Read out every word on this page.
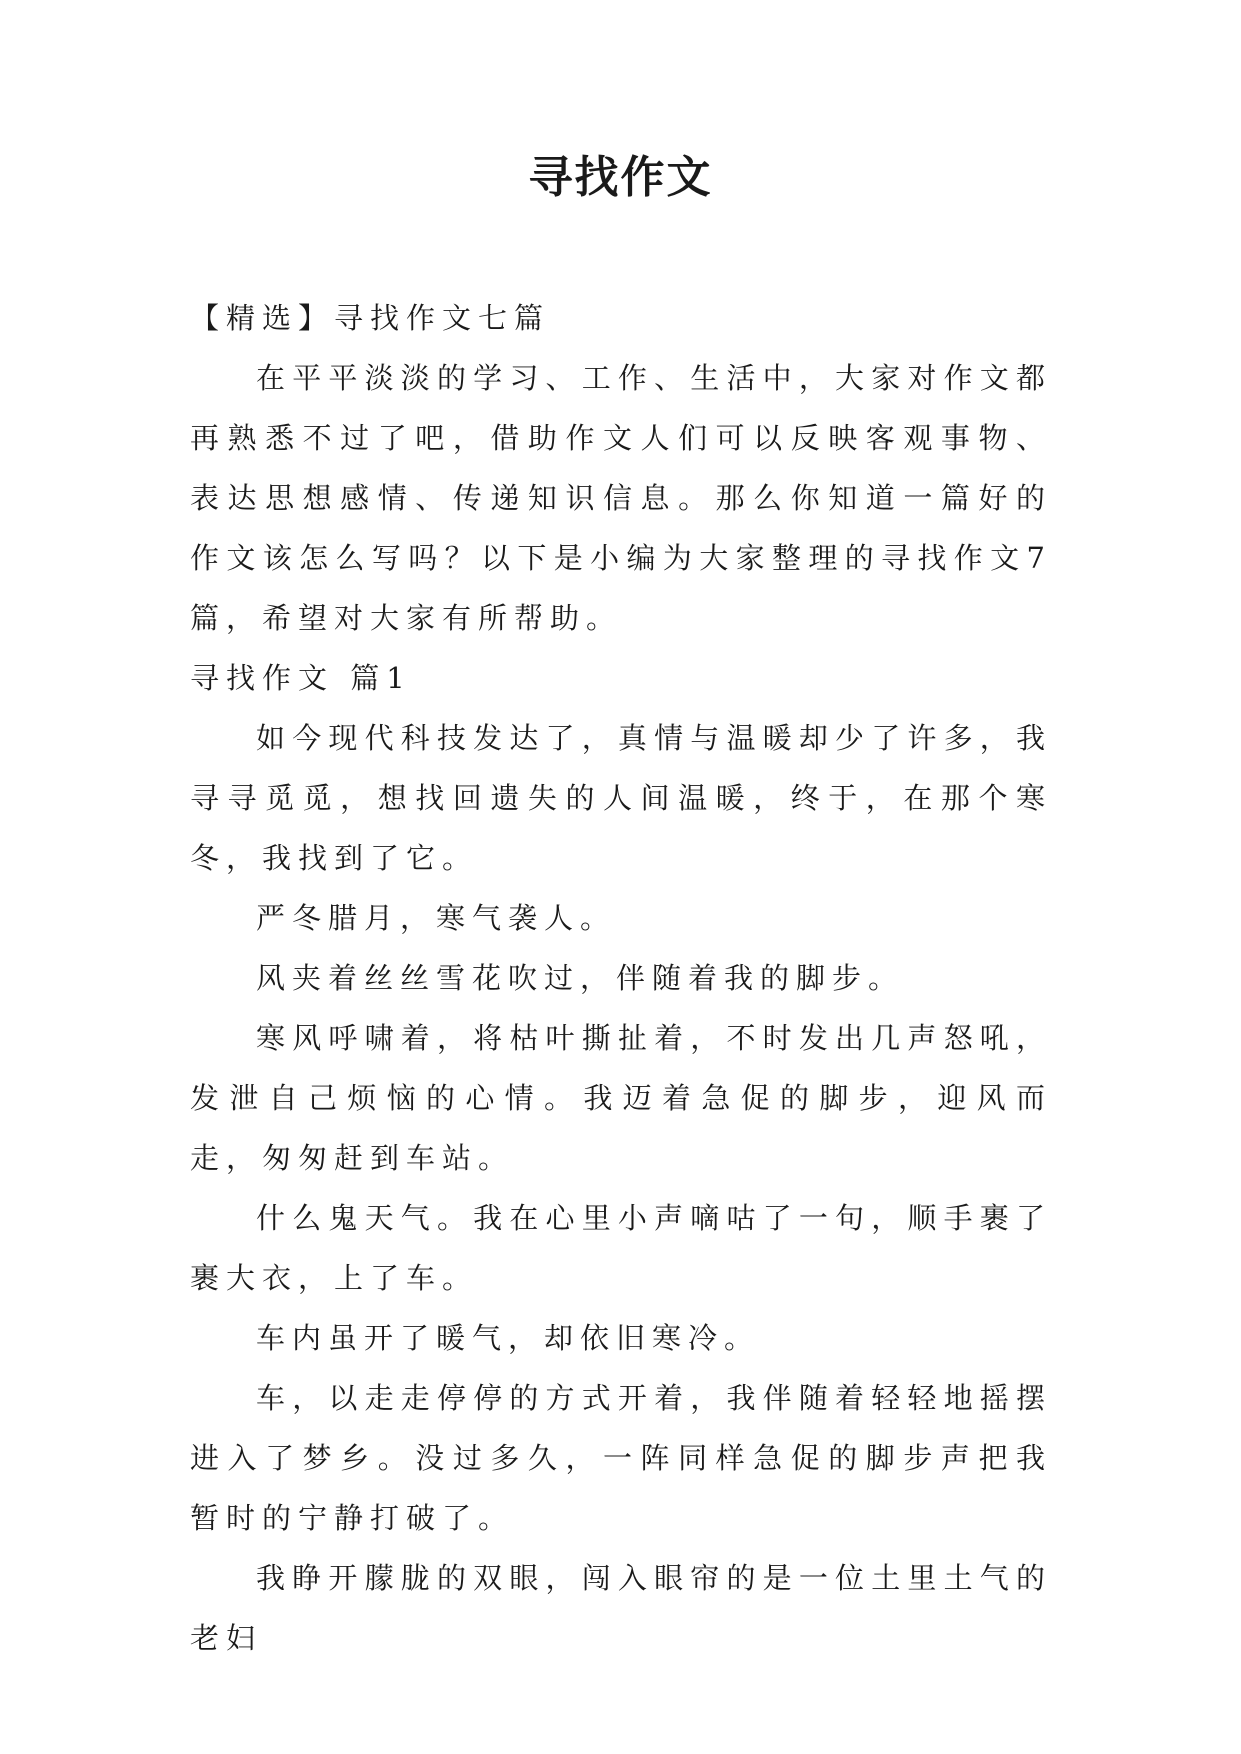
寻找作文

【精选】寻找作文七篇

在平平淡淡的学习、工作、生活中，大家对作文都再熟悉不过了吧，借助作文人们可以反映客观事物、表达思想感情、传递知识信息。那么你知道一篇好的作文该怎么写吗？以下是小编为大家整理的寻找作文7篇，希望对大家有所帮助。

寻找作文 篇1

如今现代科技发达了，真情与温暖却少了许多，我寻寻觅觅，想找回遗失的人间温暖，终于，在那个寒冬，我找到了它。

严冬腊月，寒气袭人。

风夹着丝丝雪花吹过，伴随着我的脚步。

寒风呼啸着，将枯叶撕扯着，不时发出几声怒吼，发泄自己烦恼的心情。我迈着急促的脚步，迎风而走，匆匆赶到车站。

什么鬼天气。我在心里小声嘀咕了一句，顺手裹了裹大衣，上了车。

车内虽开了暖气，却依旧寒冷。

车，以走走停停的方式开着，我伴随着轻轻地摇摆进入了梦乡。没过多久，一阵同样急促的脚步声把我暂时的宁静打破了。

我睁开朦胧的双眼，闯入眼帘的是一位土里土气的老妇
